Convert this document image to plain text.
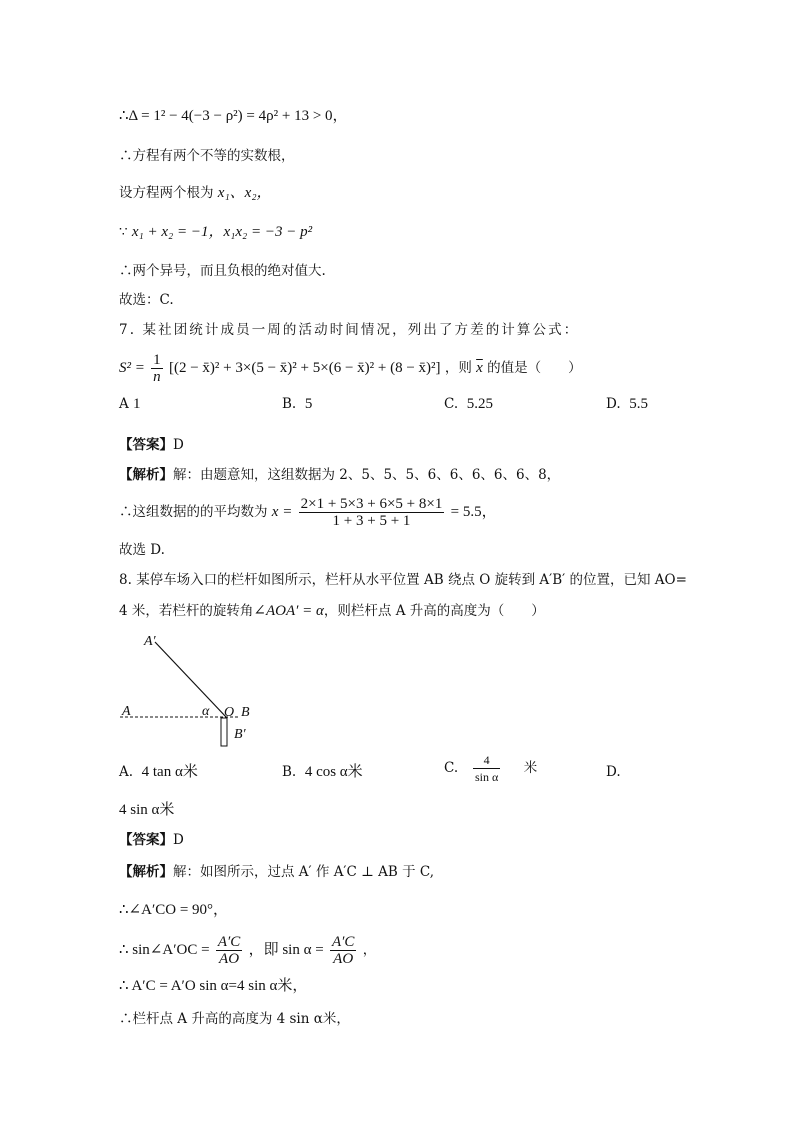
∴Δ = 1² − 4(−3 − ρ²) = 4ρ² + 13 > 0，
∴方程有两个不等的实数根，
设方程两个根为 x₁、x₂，
∵ x₁ + x₂ = −1，x₁x₂ = −3 − p²
∴两个异号，而且负根的绝对值大.
故选：C.
7. 某社团统计成员一周的活动时间情况，列出了方差的计算公式：
$S^2 = \frac{1}{n} [(2$ − x̄)² + 3×(5 − x̄)² + 5×(6 − x̄)² + (8 − x̄)²] ，则 $\overline{x}$ 的值是（　　）
A 1	B. 5	C. 5.25	D. 5.5
【答案】D
【解析】解：由题意知，这组数据为 2、5、5、5、6、6、6、6、6、8，
∴这组数据的的平均数为 $x = \frac{2\times 1 + 5\times 3 + 6\times 5 + 8\times 1}{1 + 3 + 5 + 1} = 5.5$，
故选 D.
8. 某停车场入口的栏杆如图所示，栏杆从水平位置 AB 绕点 O 旋转到 A′B′ 的位置，已知 AO=
4 米，若栏杆的旋转角∠AOA′ = α，则栏杆点 A 升高的高度为（　　）
A′
A	α O B
B′
A. 4 tan α米	B. 4 cos α米	C. $\frac{4}{\text{sin α}}$ 米	D.
4 sin α米
【答案】D
【解析】解：如图所示，过点 A′ 作 A′C ⊥ AB 于 C,
∴∠A′CO = 90°，
∴ sin∠A′OC = $\frac{A'C}{AO}$ ，即 $\sin \alpha = \frac{A'C}{AO}$ ，
∴ A′C = A′O sin α=4 sin α米，
∴栏杆点 A 升高的高度为 4 sin α米，
